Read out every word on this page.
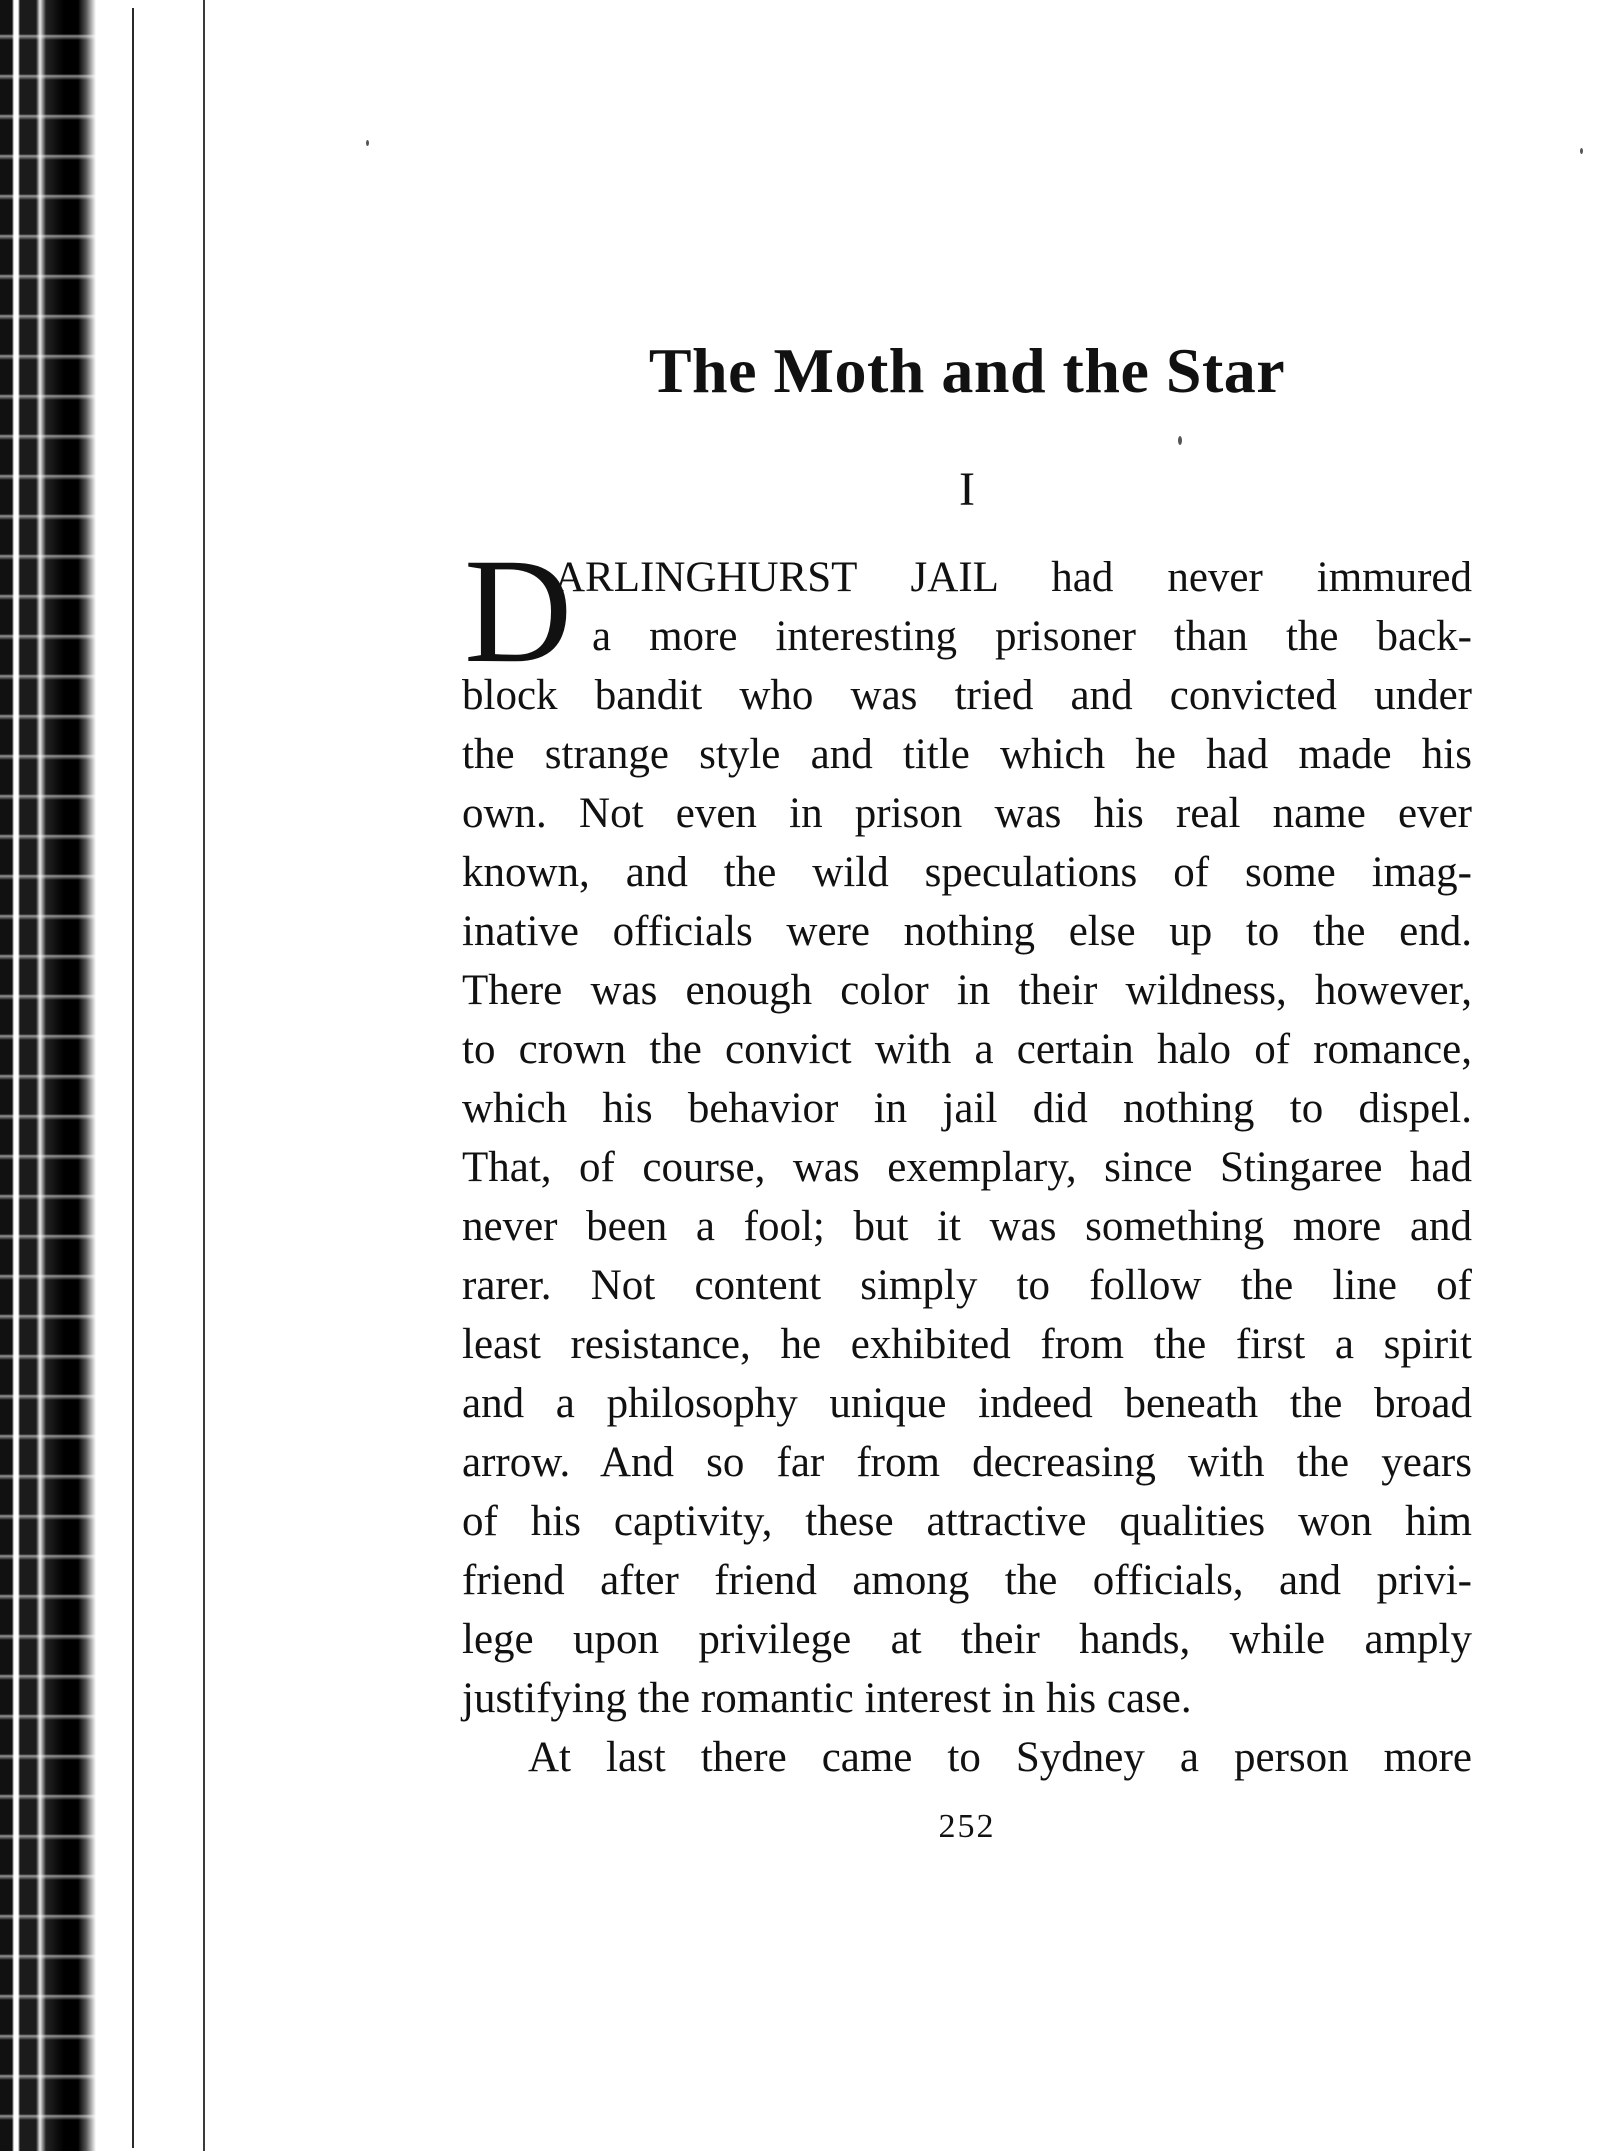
The Moth and the Star
I
D
ARLINGHURST JAIL had never immured
a more interesting prisoner than the back-
block bandit who was tried and convicted under
the strange style and title which he had made his
own. Not even in prison was his real name ever
known, and the wild speculations of some imag-
inative officials were nothing else up to the end.
There was enough color in their wildness, however,
to crown the convict with a certain halo of romance,
which his behavior in jail did nothing to dispel.
That, of course, was exemplary, since Stingaree had
never been a fool; but it was something more and
rarer. Not content simply to follow the line of
least resistance, he exhibited from the first a spirit
and a philosophy unique indeed beneath the broad
arrow. And so far from decreasing with the years
of his captivity, these attractive qualities won him
friend after friend among the officials, and privi-
lege upon privilege at their hands, while amply
justifying the romantic interest in his case.
At last there came to Sydney a person more
252
